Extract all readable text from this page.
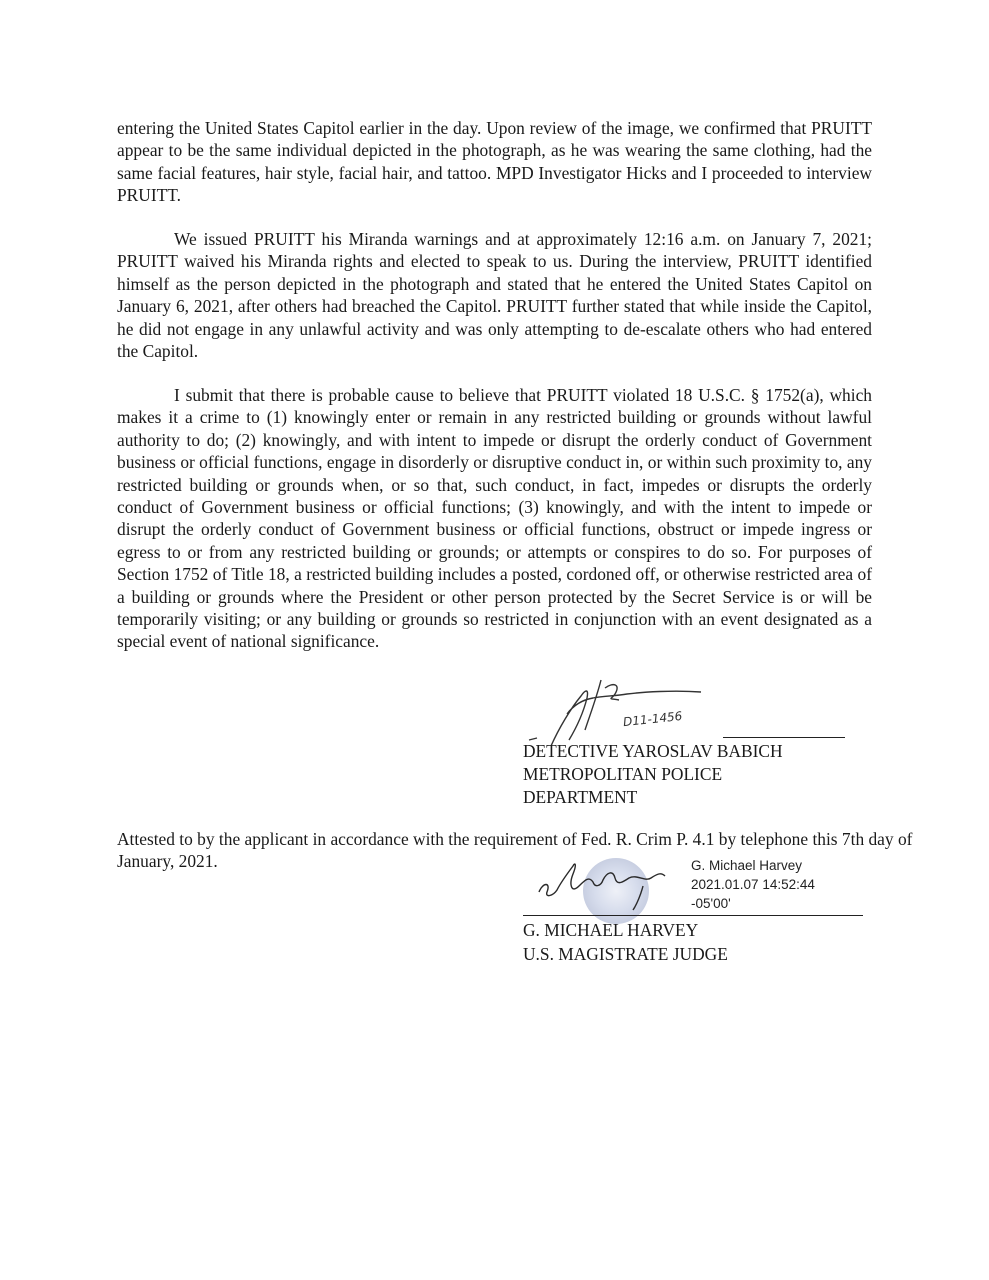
entering the United States Capitol earlier in the day. Upon review of the image, we confirmed that PRUITT appear to be the same individual depicted in the photograph, as he was wearing the same clothing, had the same facial features, hair style, facial hair, and tattoo. MPD Investigator Hicks and I proceeded to interview PRUITT.

We issued PRUITT his Miranda warnings and at approximately 12:16 a.m. on January 7, 2021; PRUITT waived his Miranda rights and elected to speak to us. During the interview, PRUITT identified himself as the person depicted in the photograph and stated that he entered the United States Capitol on January 6, 2021, after others had breached the Capitol. PRUITT further stated that while inside the Capitol, he did not engage in any unlawful activity and was only attempting to de-escalate others who had entered the Capitol.

I submit that there is probable cause to believe that PRUITT violated 18 U.S.C. § 1752(a), which makes it a crime to (1) knowingly enter or remain in any restricted building or grounds without lawful authority to do; (2) knowingly, and with intent to impede or disrupt the orderly conduct of Government business or official functions, engage in disorderly or disruptive conduct in, or within such proximity to, any restricted building or grounds when, or so that, such conduct, in fact, impedes or disrupts the orderly conduct of Government business or official functions; (3) knowingly, and with the intent to impede or disrupt the orderly conduct of Government business or official functions, obstruct or impede ingress or egress to or from any restricted building or grounds; or attempts or conspires to do so. For purposes of Section 1752 of Title 18, a restricted building includes a posted, cordoned off, or otherwise restricted area of a building or grounds where the President or other person protected by the Secret Service is or will be temporarily visiting; or any building or grounds so restricted in conjunction with an event designated as a special event of national significance.

D11-1456
DETECTIVE YAROSLAV BABICH
METROPOLITAN POLICE
DEPARTMENT

Attested to by the applicant in accordance with the requirement of Fed. R. Crim P. 4.1 by telephone this 7th day of January, 2021.	G. Michael Harvey
2021.01.07 14:52:44
-05'00'
G. MICHAEL HARVEY
U.S. MAGISTRATE JUDGE
